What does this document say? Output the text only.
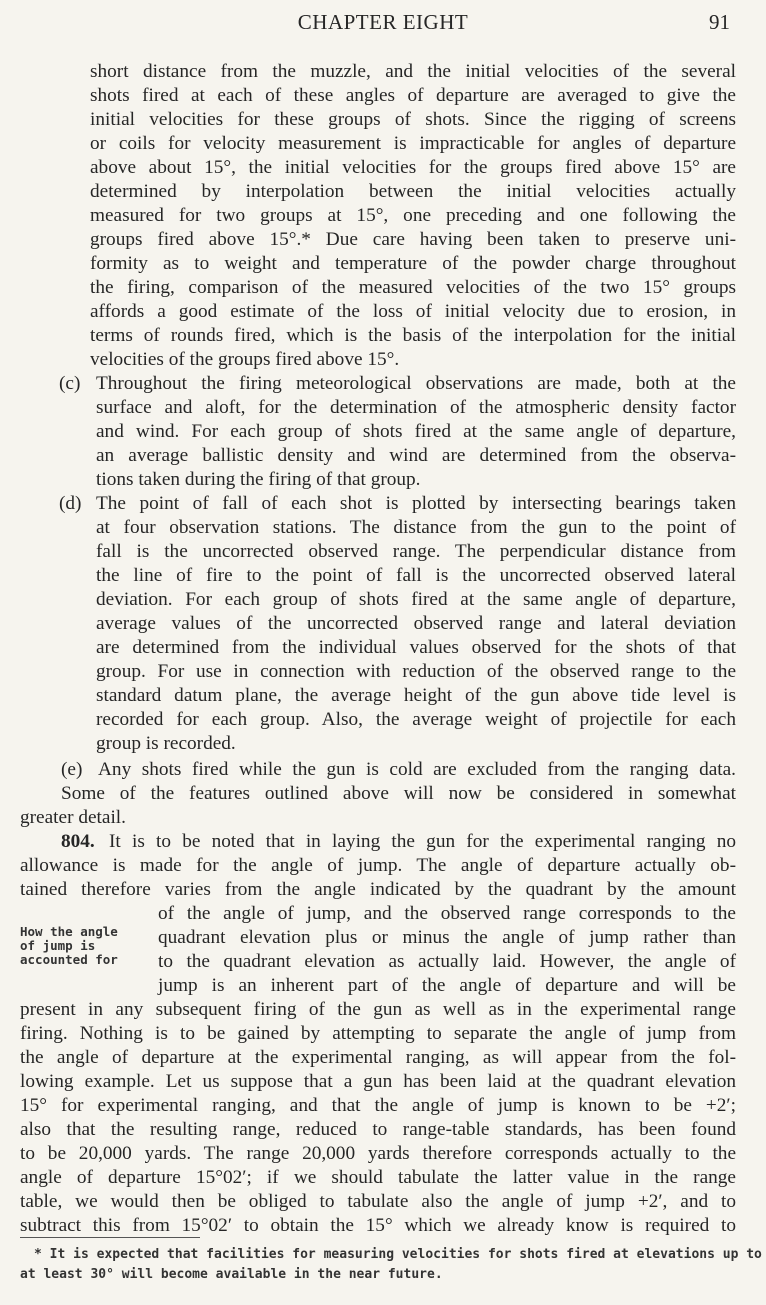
CHAPTER EIGHT	91
short distance from the muzzle, and the initial velocities of the several
shots fired at each of these angles of departure are averaged to give the
initial velocities for these groups of shots. Since the rigging of screens
or coils for velocity measurement is impracticable for angles of departure
above about 15°, the initial velocities for the groups fired above 15° are
determined by interpolation between the initial velocities actually
measured for two groups at 15°, one preceding and one following the
groups fired above 15°.* Due care having been taken to preserve uni-
formity as to weight and temperature of the powder charge throughout
the firing, comparison of the measured velocities of the two 15° groups
affords a good estimate of the loss of initial velocity due to erosion, in
terms of rounds fired, which is the basis of the interpolation for the initial
velocities of the groups fired above 15°.
(c) Throughout the firing meteorological observations are made, both at the
surface and aloft, for the determination of the atmospheric density factor
and wind. For each group of shots fired at the same angle of departure,
an average ballistic density and wind are determined from the observa-
tions taken during the firing of that group.
(d) The point of fall of each shot is plotted by intersecting bearings taken
at four observation stations. The distance from the gun to the point of
fall is the uncorrected observed range. The perpendicular distance from
the line of fire to the point of fall is the uncorrected observed lateral
deviation. For each group of shots fired at the same angle of departure,
average values of the uncorrected observed range and lateral deviation
are determined from the individual values observed for the shots of that
group. For use in connection with reduction of the observed range to the
standard datum plane, the average height of the gun above tide level is
recorded for each group. Also, the average weight of projectile for each
group is recorded.
(e) Any shots fired while the gun is cold are excluded from the ranging data.
Some of the features outlined above will now be considered in somewhat
greater detail.
804. It is to be noted that in laying the gun for the experimental ranging no
allowance is made for the angle of jump. The angle of departure actually ob-
tained therefore varies from the angle indicated by the quadrant by the amount
of the angle of jump, and the observed range corresponds to the
quadrant elevation plus or minus the angle of jump rather than
to the quadrant elevation as actually laid. However, the angle of
jump is an inherent part of the angle of departure and will be
present in any subsequent firing of the gun as well as in the experimental range
firing. Nothing is to be gained by attempting to separate the angle of jump from
the angle of departure at the experimental ranging, as will appear from the fol-
lowing example. Let us suppose that a gun has been laid at the quadrant elevation
15° for experimental ranging, and that the angle of jump is known to be +2′;
also that the resulting range, reduced to range-table standards, has been found
to be 20,000 yards. The range 20,000 yards therefore corresponds actually to the
angle of departure 15°02′; if we should tabulate the latter value in the range
table, we would then be obliged to tabulate also the angle of jump +2′, and to
subtract this from 15°02′ to obtain the 15° which we already know is required to
How the angle
of jump is
accounted for
* It is expected that facilities for measuring velocities for shots fired at elevations up to
at least 30° will become available in the near future.
